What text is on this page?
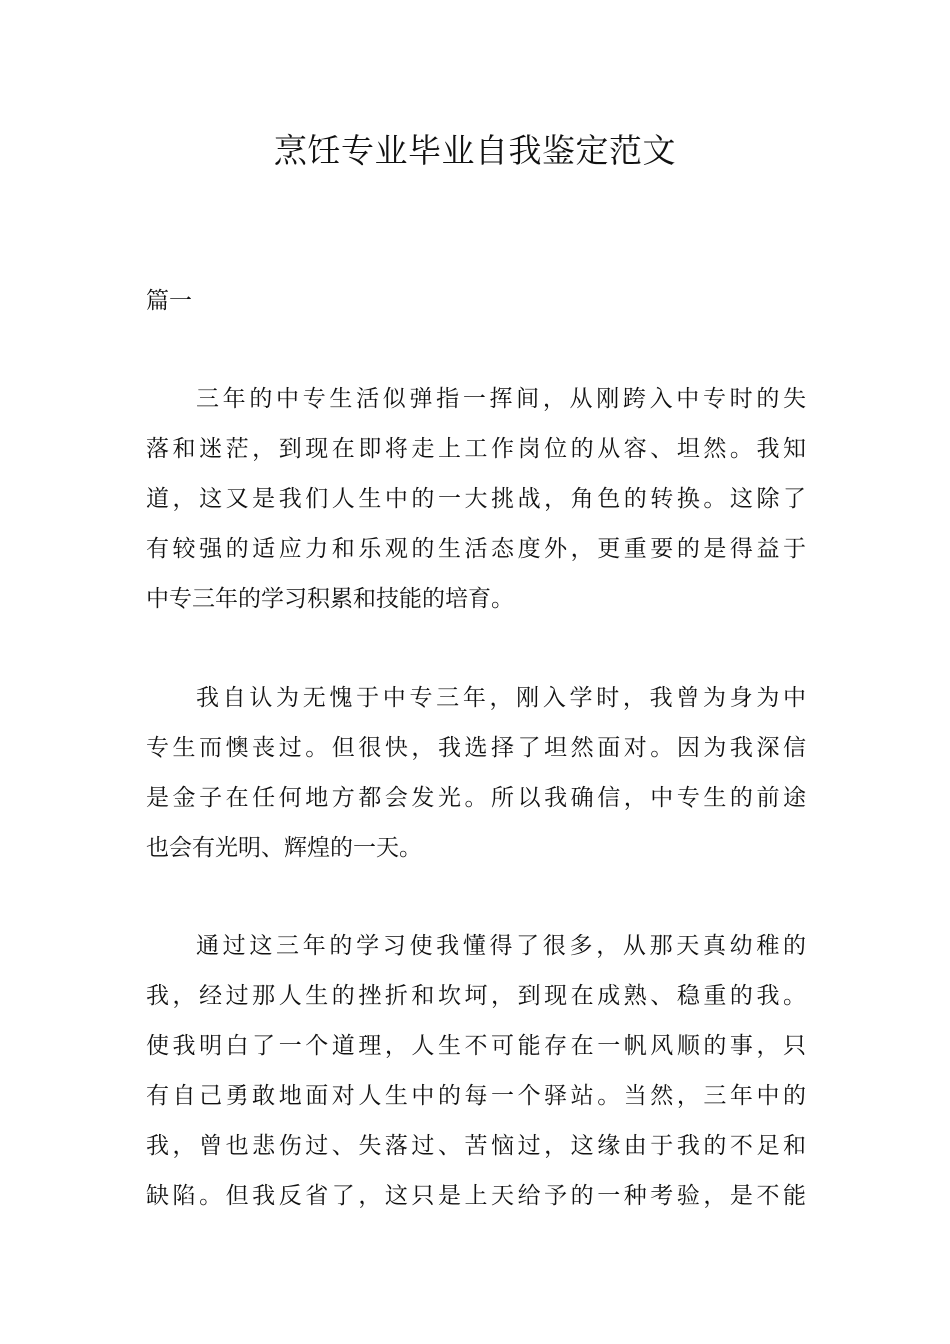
烹饪专业毕业自我鉴定范文
篇一
三年的中专生活似弹指一挥间，从刚跨入中专时的失
落和迷茫，到现在即将走上工作岗位的从容、坦然。我知
道，这又是我们人生中的一大挑战，角色的转换。这除了
有较强的适应力和乐观的生活态度外，更重要的是得益于
中专三年的学习积累和技能的培育。
我自认为无愧于中专三年，刚入学时，我曾为身为中
专生而懊丧过。但很快，我选择了坦然面对。因为我深信
是金子在任何地方都会发光。所以我确信，中专生的前途
也会有光明、辉煌的一天。
通过这三年的学习使我懂得了很多，从那天真幼稚的
我，经过那人生的挫折和坎坷，到现在成熟、稳重的我。
使我明白了一个道理，人生不可能存在一帆风顺的事，只
有自己勇敢地面对人生中的每一个驿站。当然，三年中的
我，曾也悲伤过、失落过、苦恼过，这缘由于我的不足和
缺陷。但我反省了，这只是上天给予的一种考验，是不能
